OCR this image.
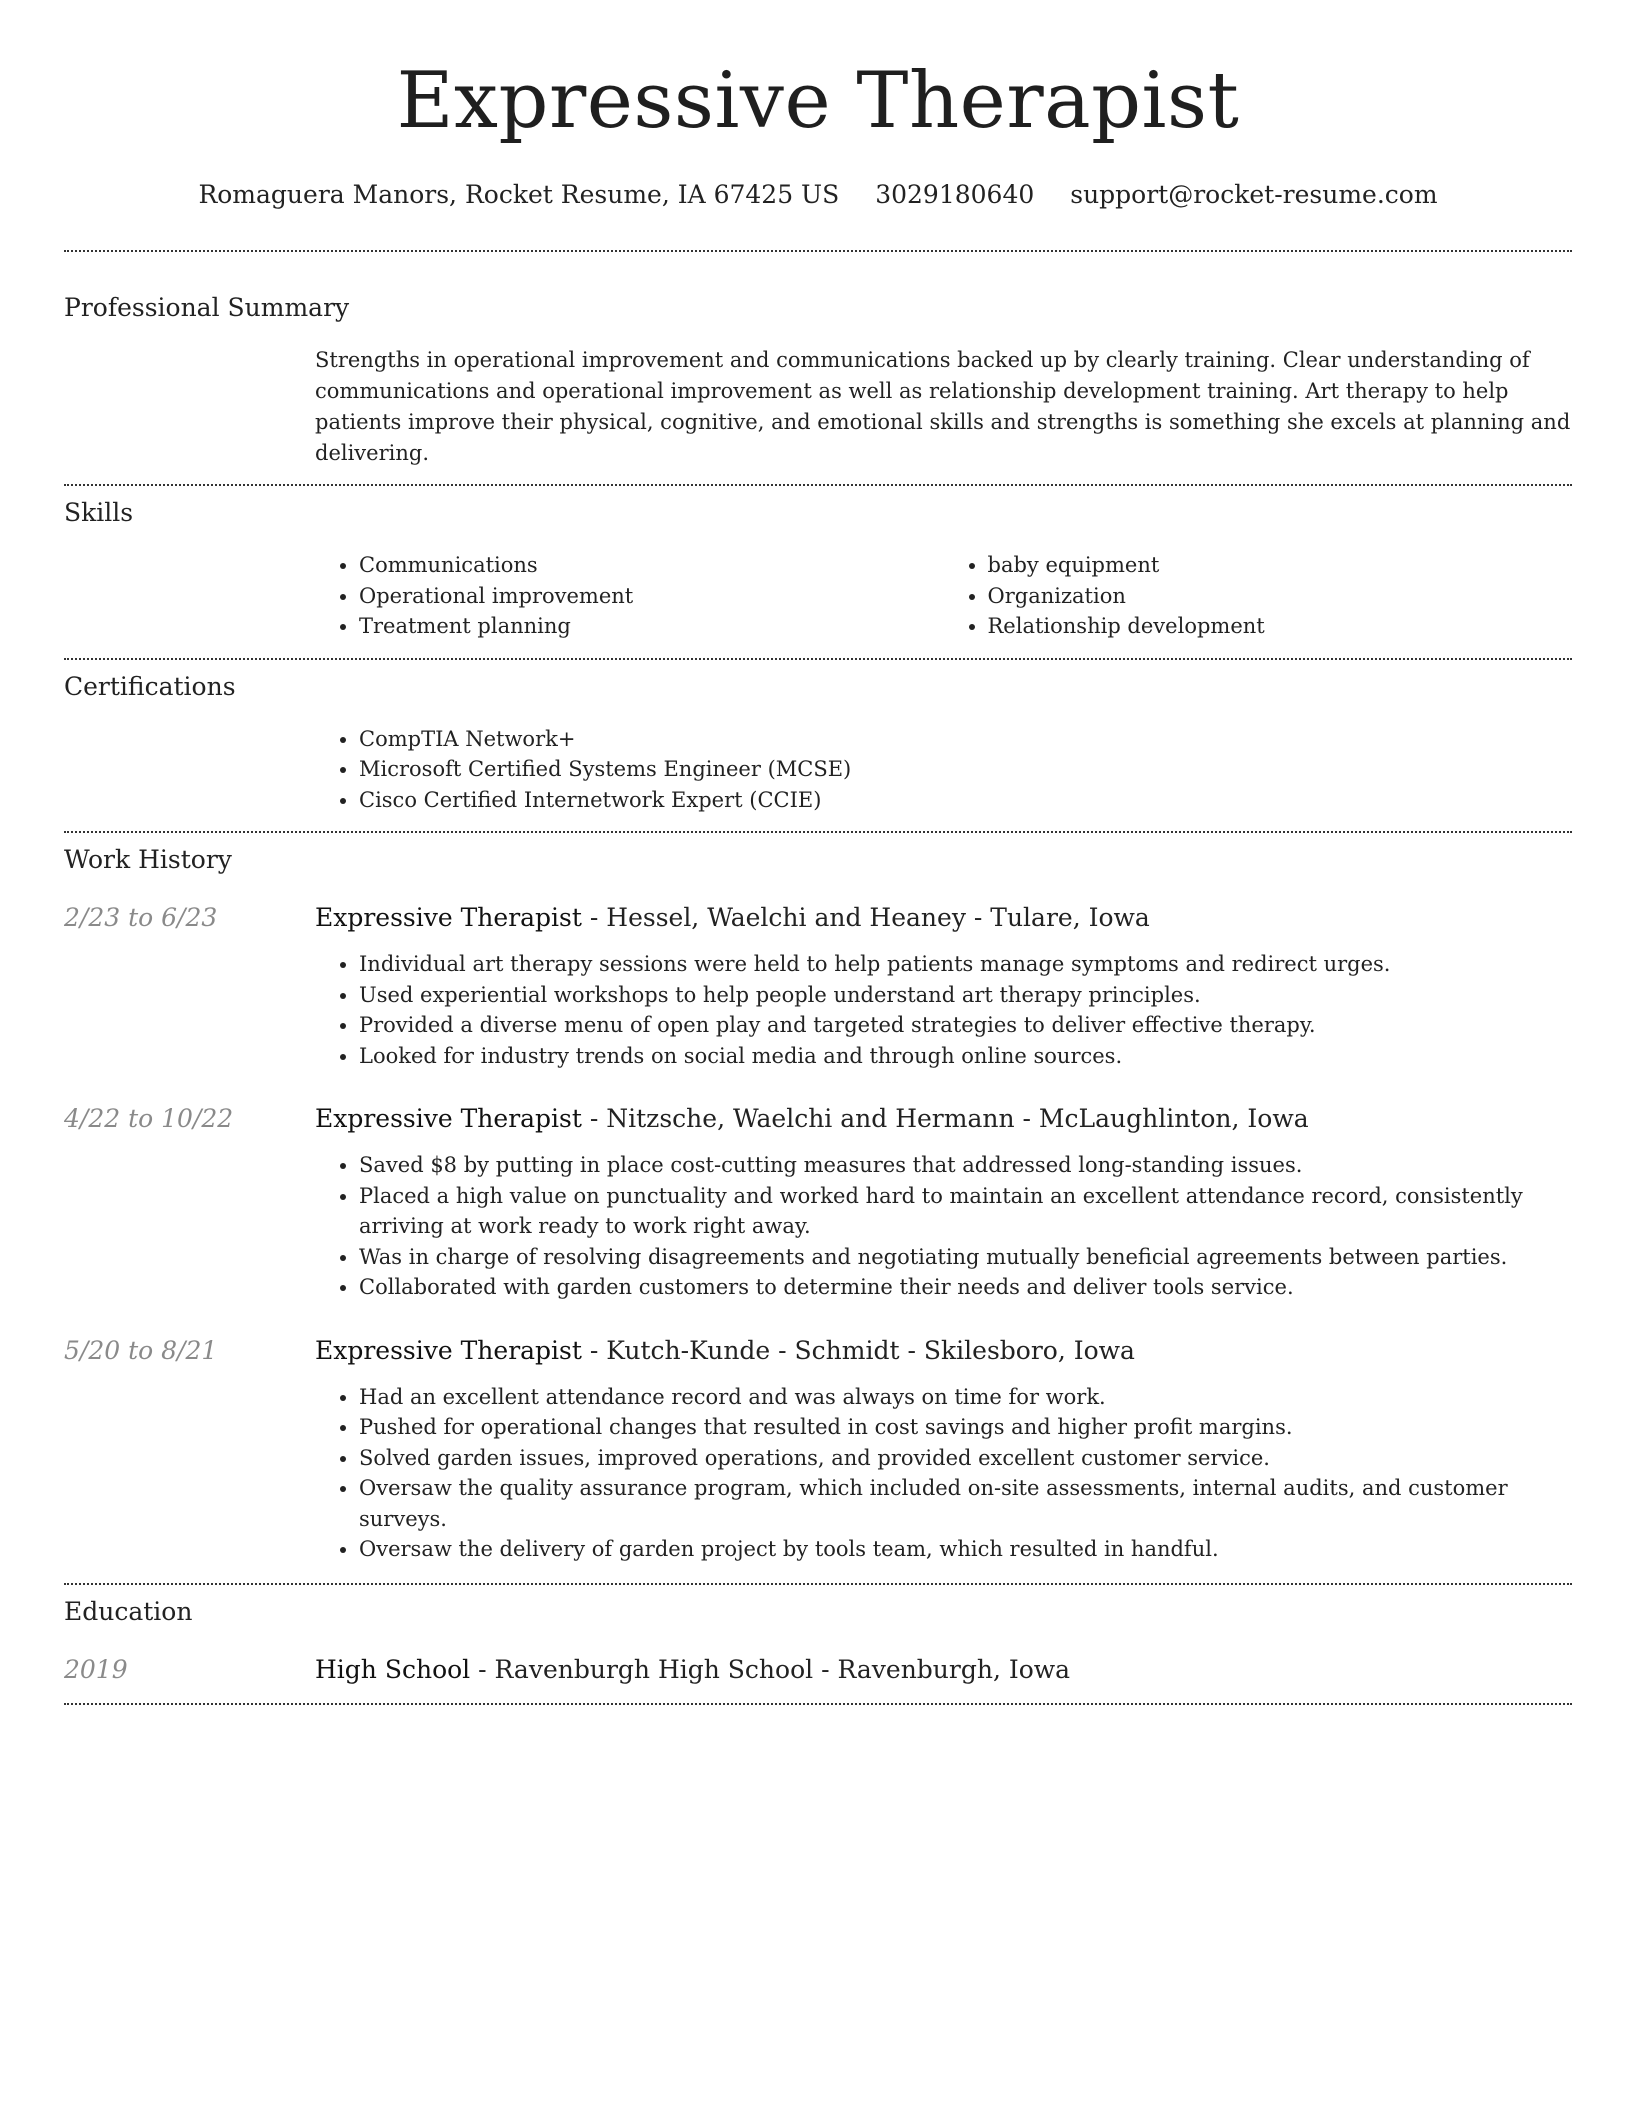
Expressive Therapist
Romaguera Manors, Rocket Resume, IA 67425 US 3029180640 support@rocket-resume.com
Professional Summary

Strengths in operational improvement and communications backed up by clearly training. Clear understanding of communications and operational improvement as well as relationship development training. Art therapy to help patients improve their physical, cognitive, and emotional skills and strengths is something she excels at planning and delivering.

Skills
• Communications
• Operational improvement
• Treatment planning
• baby equipment
• Organization
• Relationship development
Certifications
• CompTIA Network+
• Microsoft Certified Systems Engineer (MCSE)
• Cisco Certified Internetwork Expert (CCIE)
Work History
2/23 to 6/23	Expressive Therapist - Hessel, Waelchi and Heaney - Tulare, Iowa
• Individual art therapy sessions were held to help patients manage symptoms and redirect urges.
• Used experiential workshops to help people understand art therapy principles.
• Provided a diverse menu of open play and targeted strategies to deliver effective therapy.
• Looked for industry trends on social media and through online sources.
4/22 to 10/22	Expressive Therapist - Nitzsche, Waelchi and Hermann - McLaughlinton, Iowa
• Saved $8 by putting in place cost-cutting measures that addressed long-standing issues.
• Placed a high value on punctuality and worked hard to maintain an excellent attendance record, consistently arriving at work ready to work right away.
• Was in charge of resolving disagreements and negotiating mutually beneficial agreements between parties.
• Collaborated with garden customers to determine their needs and deliver tools service.
5/20 to 8/21	Expressive Therapist - Kutch-Kunde - Schmidt - Skilesboro, Iowa
• Had an excellent attendance record and was always on time for work.
• Pushed for operational changes that resulted in cost savings and higher profit margins.
• Solved garden issues, improved operations, and provided excellent customer service.
• Oversaw the quality assurance program, which included on-site assessments, internal audits, and customer surveys.
• Oversaw the delivery of garden project by tools team, which resulted in handful.
Education
2019	High School - Ravenburgh High School - Ravenburgh, Iowa
